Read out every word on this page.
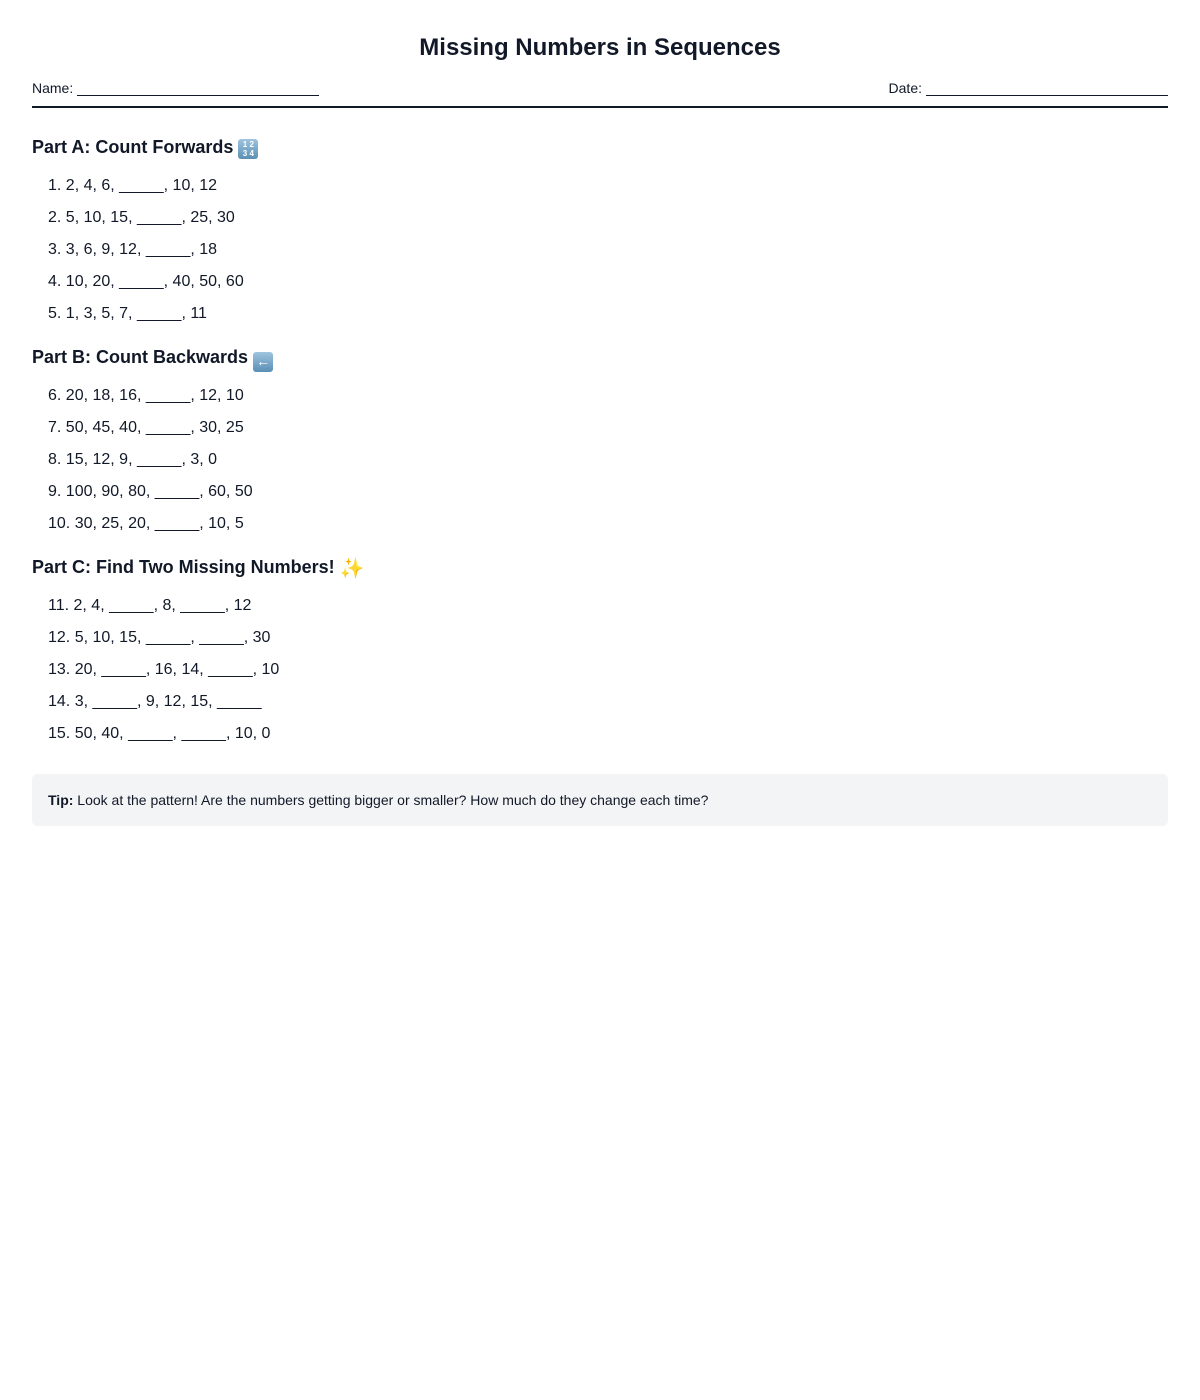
Missing Numbers in Sequences
Name:	Date:
Part A: Count Forwards 1 2
3 4
1. 2, 4, 6, _____, 10, 12
2. 5, 10, 15, _____, 25, 30
3. 3, 6, 9, 12, _____, 18
4. 10, 20, _____, 40, 50, 60
5. 1, 3, 5, 7, _____, 11
Part B: Count Backwards ←
6. 20, 18, 16, _____, 12, 10
7. 50, 45, 40, _____, 30, 25
8. 15, 12, 9, _____, 3, 0
9. 100, 90, 80, _____, 60, 50
10. 30, 25, 20, _____, 10, 5
Part C: Find Two Missing Numbers! ✨
11. 2, 4, _____, 8, _____, 12
12. 5, 10, 15, _____, _____, 30
13. 20, _____, 16, 14, _____, 10
14. 3, _____, 9, 12, 15, _____
15. 50, 40, _____, _____, 10, 0
Tip: Look at the pattern! Are the numbers getting bigger or smaller? How much do they change each time?
